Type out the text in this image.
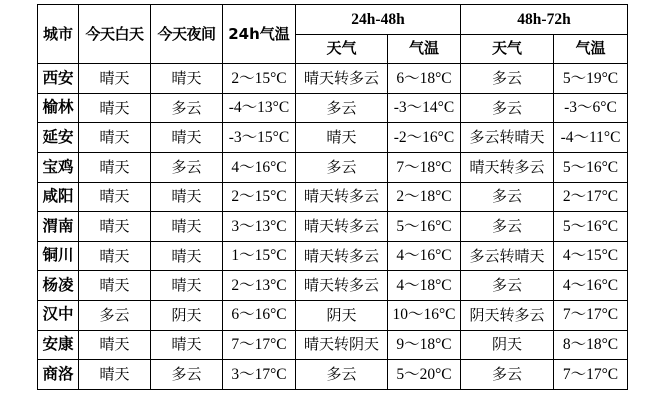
城市	今天白天	今天夜间	24h气温	24h-48h		48h-72h	
				天气	气温	天气	气温
西安	晴天	晴天	2～15°C	晴天转多云	6～18°C	多云	5～19°C
榆林	晴天	多云	-4～13°C	多云	-3～14°C	多云	-3～6°C
延安	晴天	晴天	-3～15°C	晴天	-2～16°C	多云转晴天	-4～11°C
宝鸡	晴天	多云	4～16°C	多云	7～18°C	晴天转多云	5～16°C
咸阳	晴天	晴天	2～15°C	晴天转多云	2～18°C	多云	2～17°C
渭南	晴天	晴天	3～13°C	晴天转多云	5～16°C	多云	5～16°C
铜川	晴天	晴天	1～15°C	晴天转多云	4～16°C	多云转晴天	4～15°C
杨凌	晴天	晴天	2～13°C	晴天转多云	4～18°C	多云	4～16°C
汉中	多云	阴天	6～16°C	阴天	10～16°C	阴天转多云	7～17°C
安康	晴天	晴天	7～17°C	晴天转阴天	9～18°C	阴天	8～18°C
商洛	晴天	多云	3～17°C	多云	5～20°C	多云	7～17°C
